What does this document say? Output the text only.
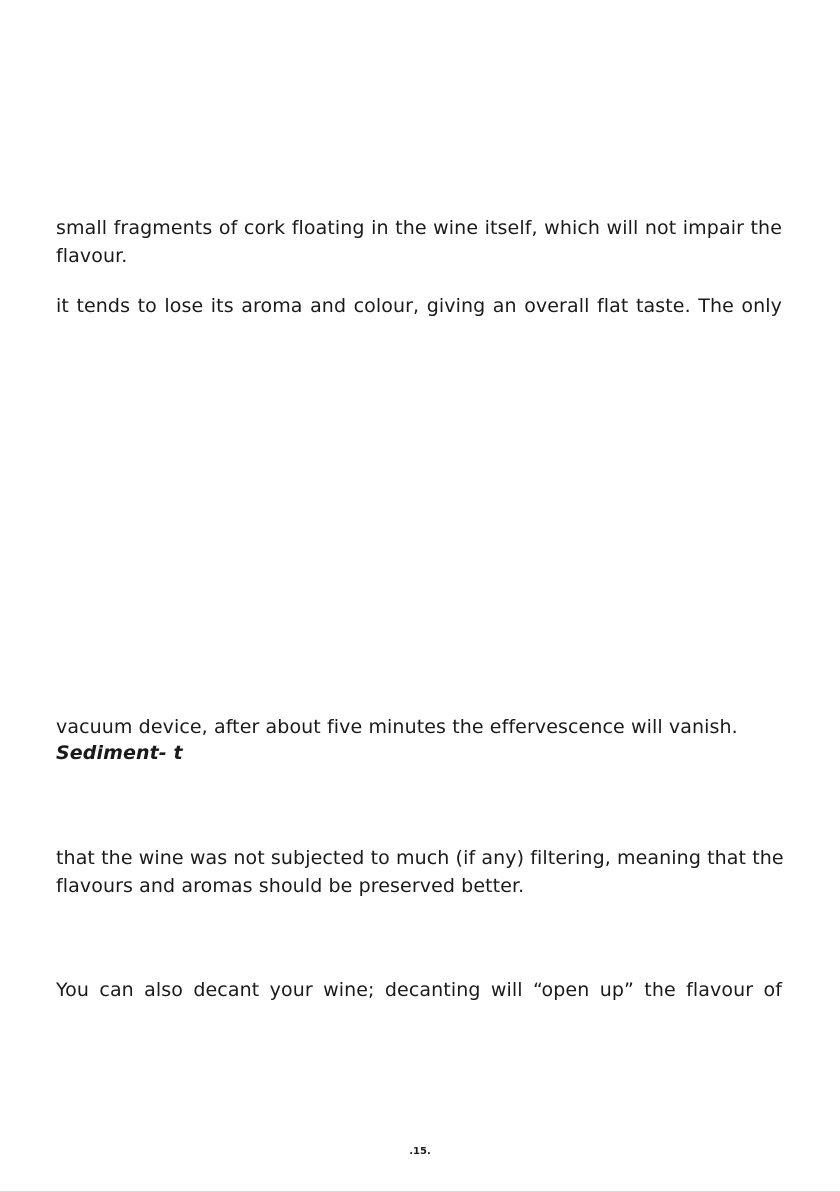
small fragments of cork floating in the wine itself, which will not impair the
flavour.
it tends to lose its aroma and colour, giving an overall flat taste. The only
vacuum device, after about five minutes the effervescence will vanish.
Sediment- t
that the wine was not subjected to much (if any) filtering, meaning that the
flavours and aromas should be preserved better.
You can also decant your wine; decanting will “open up” the flavour of
.15.
